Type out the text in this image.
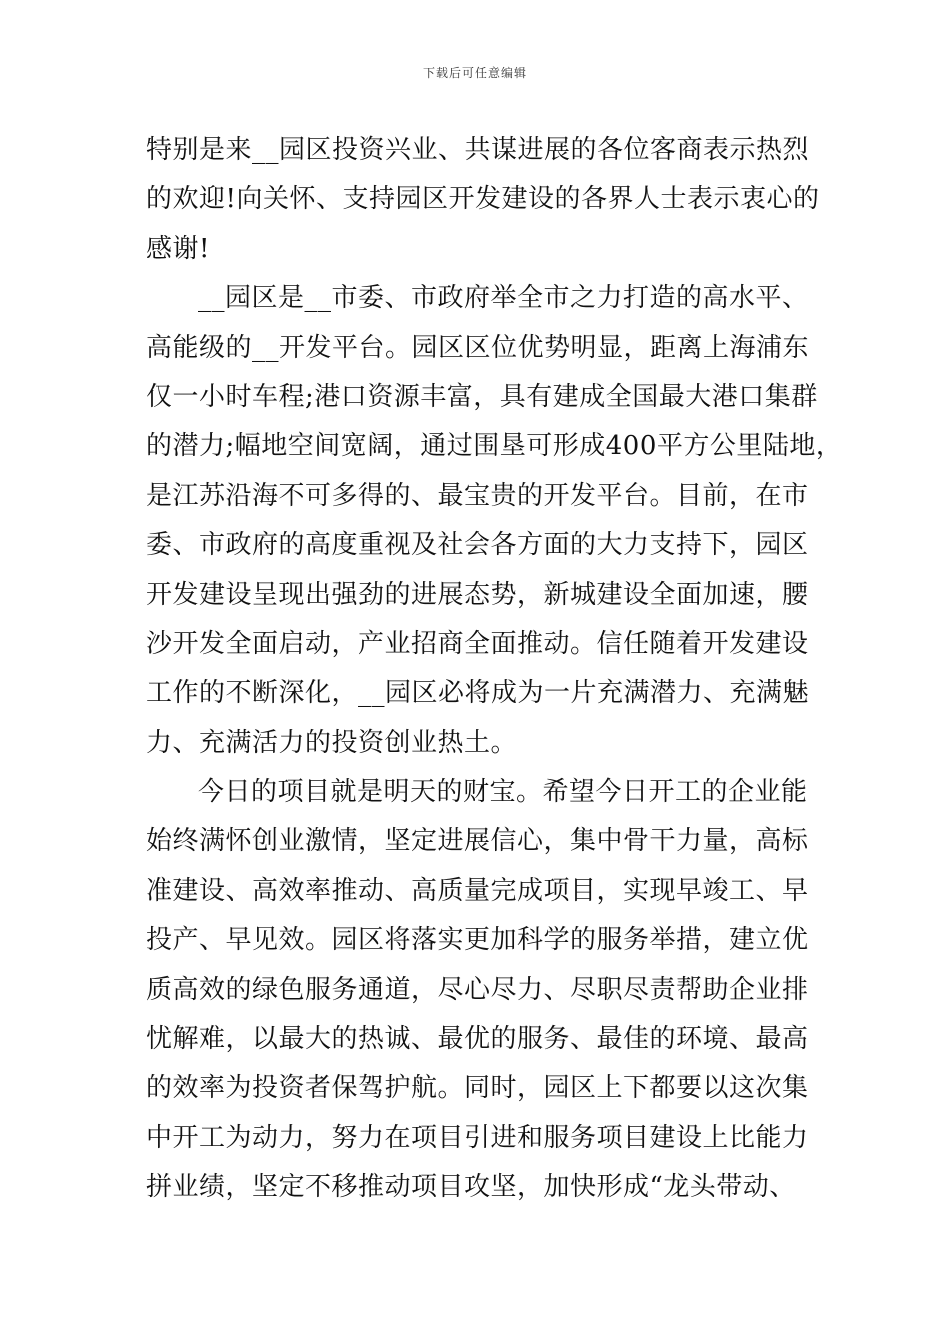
下载后可任意编辑

特别是来__园区投资兴业、共谋进展的各位客商表示热烈

的欢迎!向关怀、支持园区开发建设的各界人士表示衷心的

感谢!

__园区是__市委、市政府举全市之力打造的高水平、

高能级的__开发平台。园区区位优势明显，距离上海浦东

仅一小时车程;港口资源丰富，具有建成全国最大港口集群

的潜力;幅地空间宽阔，通过围垦可形成400平方公里陆地，

是江苏沿海不可多得的、最宝贵的开发平台。目前，在市

委、市政府的高度重视及社会各方面的大力支持下，园区

开发建设呈现出强劲的进展态势，新城建设全面加速，腰

沙开发全面启动，产业招商全面推动。信任随着开发建设

工作的不断深化，__园区必将成为一片充满潜力、充满魅

力、充满活力的投资创业热土。

今日的项目就是明天的财宝。希望今日开工的企业能

始终满怀创业激情，坚定进展信心，集中骨干力量，高标

准建设、高效率推动、高质量完成项目，实现早竣工、早

投产、早见效。园区将落实更加科学的服务举措，建立优

质高效的绿色服务通道，尽心尽力、尽职尽责帮助企业排

忧解难，以最大的热诚、最优的服务、最佳的环境、最高

的效率为投资者保驾护航。同时，园区上下都要以这次集

中开工为动力，努力在项目引进和服务项目建设上比能力

拼业绩，坚定不移推动项目攻坚，加快形成“龙头带动、
